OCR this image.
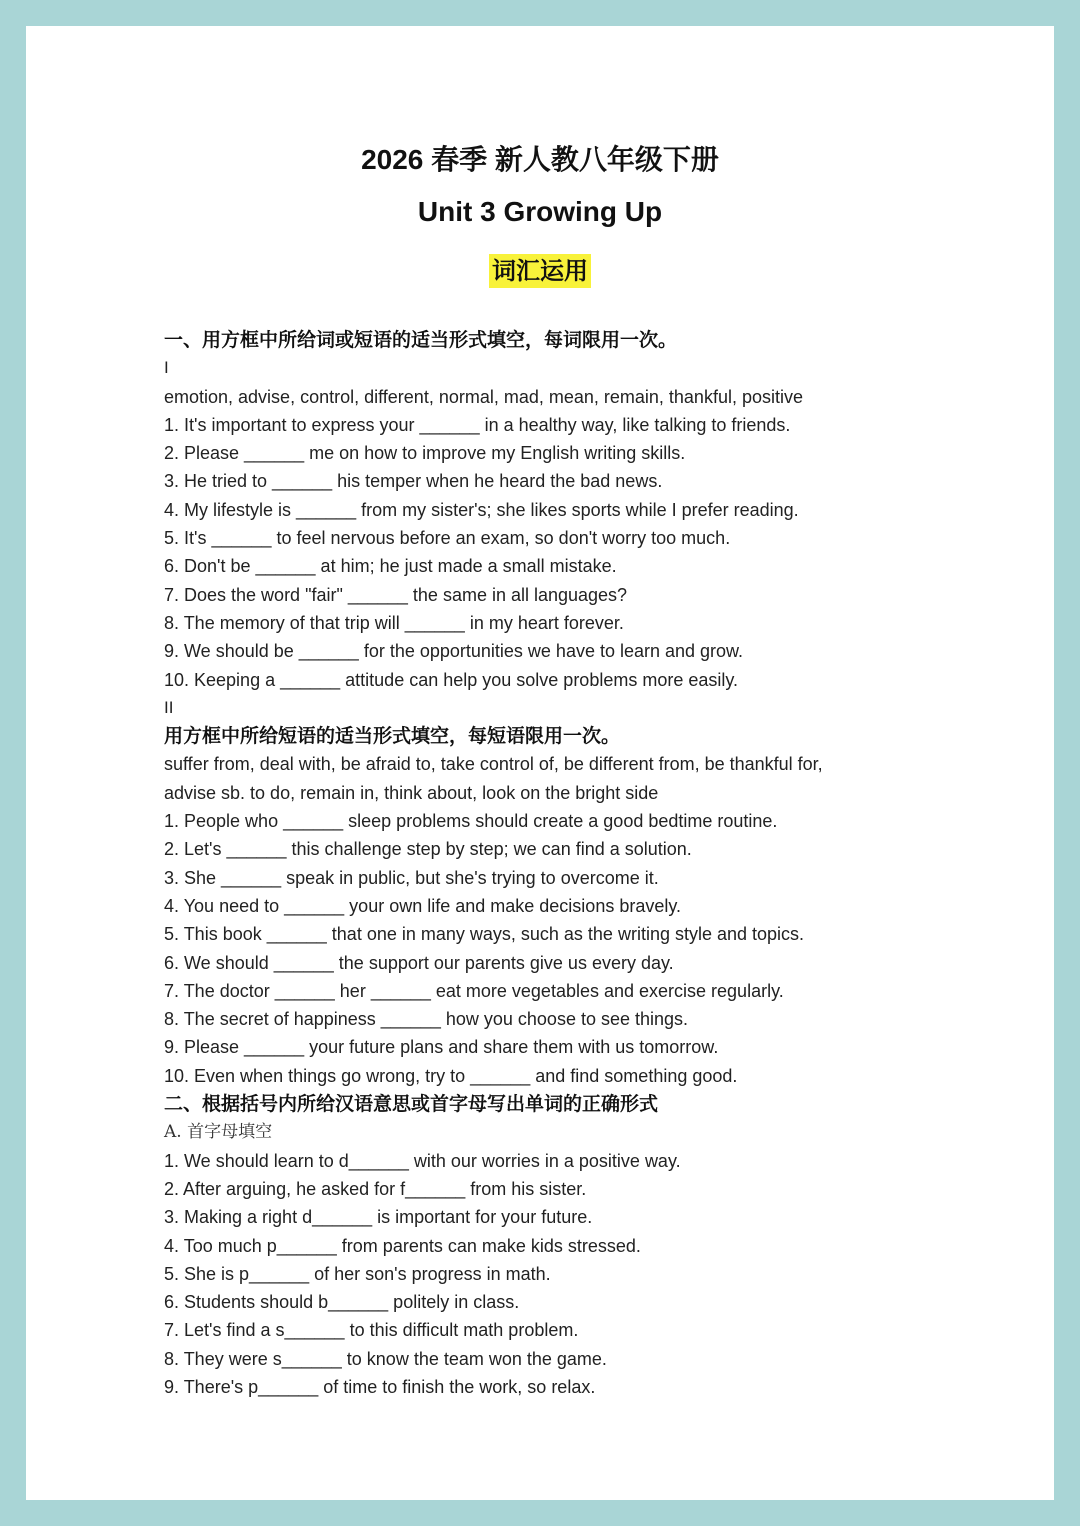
2026 春季 新人教八年级下册
Unit 3 Growing Up
词汇运用
一、用方框中所给词或短语的适当形式填空，每词限用一次。
I
emotion, advise, control, different, normal, mad, mean, remain, thankful, positive
1. It's important to express your ______ in a healthy way, like talking to friends.
2. Please ______ me on how to improve my English writing skills.
3. He tried to ______ his temper when he heard the bad news.
4. My lifestyle is ______ from my sister's; she likes sports while I prefer reading.
5. It's ______ to feel nervous before an exam, so don't worry too much.
6. Don't be ______ at him; he just made a small mistake.
7. Does the word "fair" ______ the same in all languages?
8. The memory of that trip will ______ in my heart forever.
9. We should be ______ for the opportunities we have to learn and grow.
10. Keeping a ______ attitude can help you solve problems more easily.
II
用方框中所给短语的适当形式填空，每短语限用一次。
suffer from, deal with, be afraid to, take control of, be different from, be thankful for,
advise sb. to do, remain in, think about, look on the bright side
1. People who ______ sleep problems should create a good bedtime routine.
2. Let's ______ this challenge step by step; we can find a solution.
3. She ______ speak in public, but she's trying to overcome it.
4. You need to ______ your own life and make decisions bravely.
5. This book ______ that one in many ways, such as the writing style and topics.
6. We should ______ the support our parents give us every day.
7. The doctor ______ her ______ eat more vegetables and exercise regularly.
8. The secret of happiness ______ how you choose to see things.
9. Please ______ your future plans and share them with us tomorrow.
10. Even when things go wrong, try to ______ and find something good.
二、根据括号内所给汉语意思或首字母写出单词的正确形式
A. 首字母填空
1. We should learn to d______ with our worries in a positive way.
2. After arguing, he asked for f______ from his sister.
3. Making a right d______ is important for your future.
4. Too much p______ from parents can make kids stressed.
5. She is p______ of her son's progress in math.
6. Students should b______ politely in class.
7. Let's find a s______ to this difficult math problem.
8. They were s______ to know the team won the game.
9. There's p______ of time to finish the work, so relax.
